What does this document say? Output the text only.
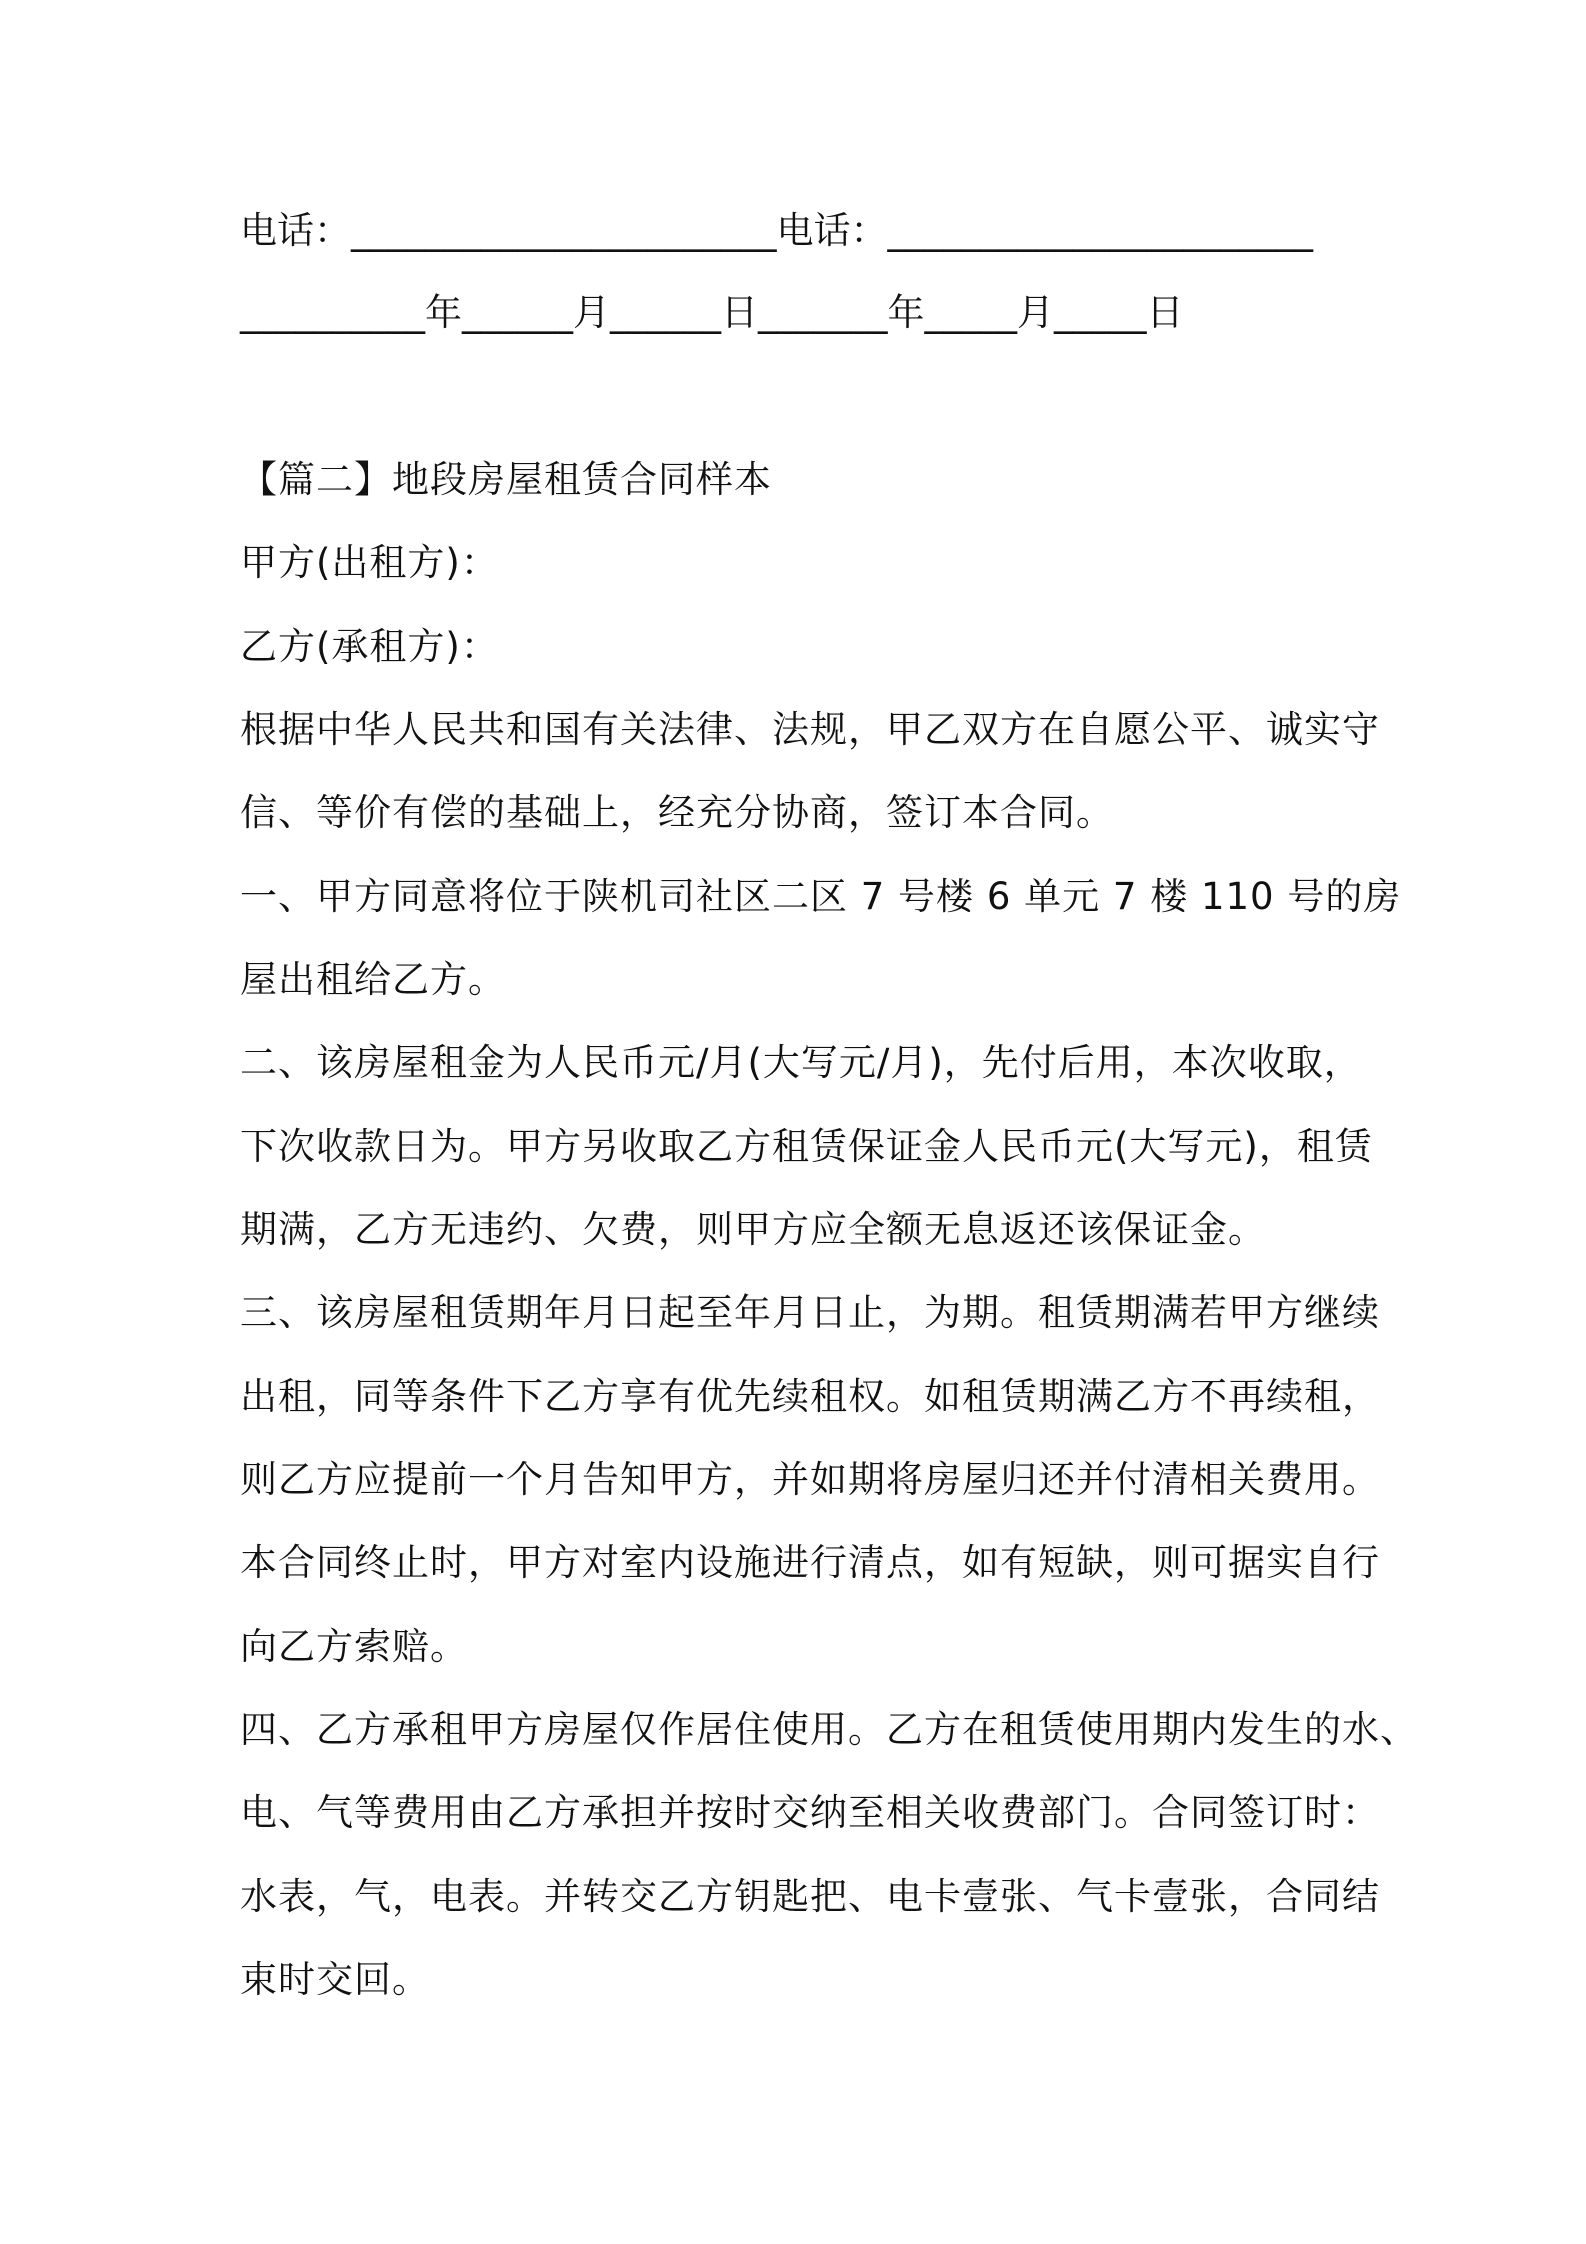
电话：_______________________电话：_______________________
__________年______月______日_______年_____月_____日
【篇二】地段房屋租赁合同样本
甲方(出租方)：
乙方(承租方)：
根据中华人民共和国有关法律、法规，甲乙双方在自愿公平、诚实守
信、等价有偿的基础上，经充分协商，签订本合同。
一、甲方同意将位于陕机司社区二区 7 号楼 6 单元 7 楼 110 号的房
屋出租给乙方。
二、该房屋租金为人民币元/月(大写元/月)，先付后用，本次收取，
下次收款日为。甲方另收取乙方租赁保证金人民币元(大写元)，租赁
期满，乙方无违约、欠费，则甲方应全额无息返还该保证金。
三、该房屋租赁期年月日起至年月日止，为期。租赁期满若甲方继续
出租，同等条件下乙方享有优先续租权。如租赁期满乙方不再续租，
则乙方应提前一个月告知甲方，并如期将房屋归还并付清相关费用。
本合同终止时，甲方对室内设施进行清点，如有短缺，则可据实自行
向乙方索赔。
四、乙方承租甲方房屋仅作居住使用。乙方在租赁使用期内发生的水、
电、气等费用由乙方承担并按时交纳至相关收费部门。合同签订时：
水表，气，电表。并转交乙方钥匙把、电卡壹张、气卡壹张，合同结
束时交回。
